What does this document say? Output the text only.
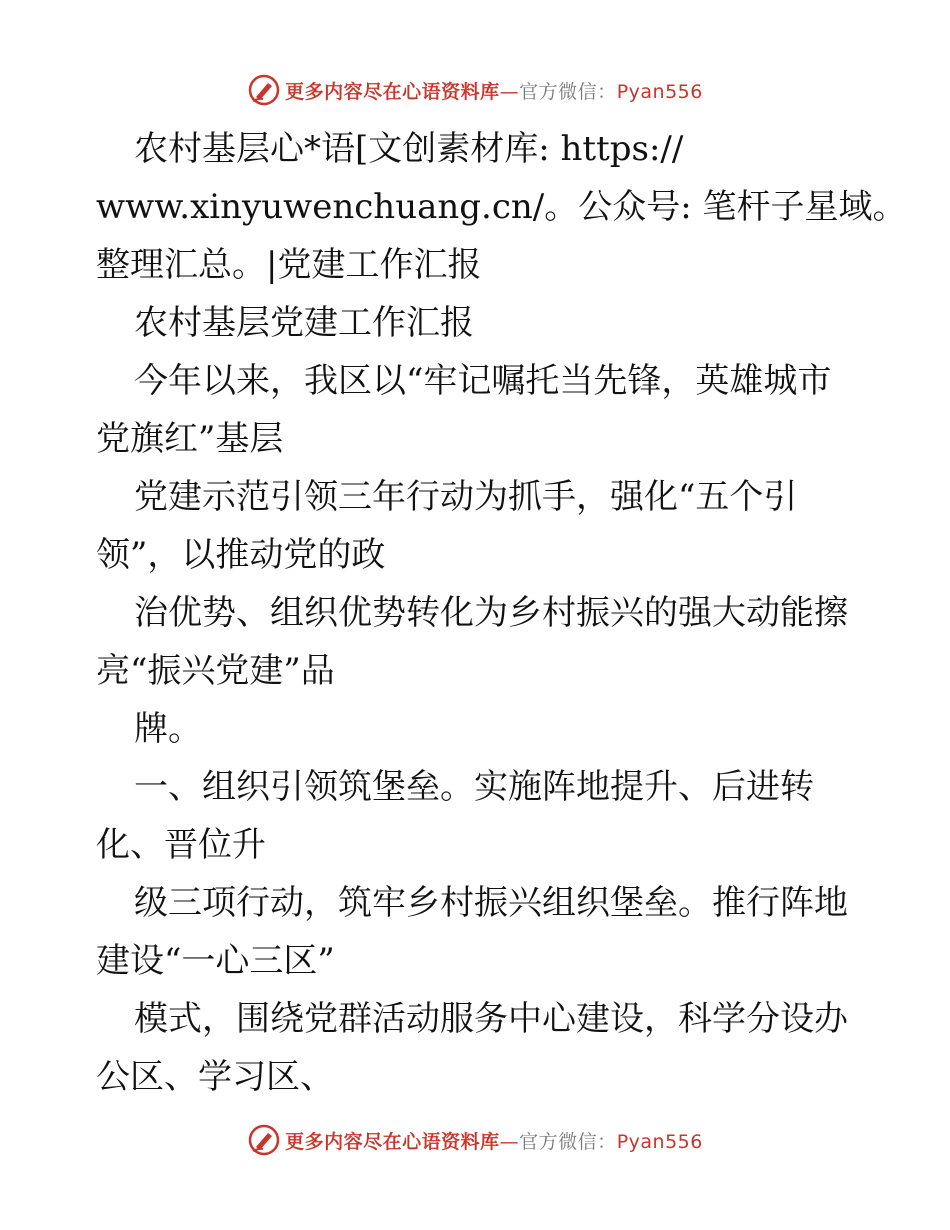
更多内容尽在心语资料库—官方微信：Pyan556
农村基层心*语[文创素材库: https://
www.xinyuwenchuang.cn/。公众号: 笔杆子星域。
整理汇总。|党建工作汇报
农村基层党建工作汇报
今年以来，我区以“牢记嘱托当先锋，英雄城市
党旗红”基层
党建示范引领三年行动为抓手，强化“五个引
领”，以推动党的政
治优势、组织优势转化为乡村振兴的强大动能擦
亮“振兴党建”品
牌。
一、组织引领筑堡垒。实施阵地提升、后进转
化、晋位升
级三项行动，筑牢乡村振兴组织堡垒。推行阵地
建设“一心三区”
模式，围绕党群活动服务中心建设，科学分设办
公区、学习区、
更多内容尽在心语资料库—官方微信：Pyan556
